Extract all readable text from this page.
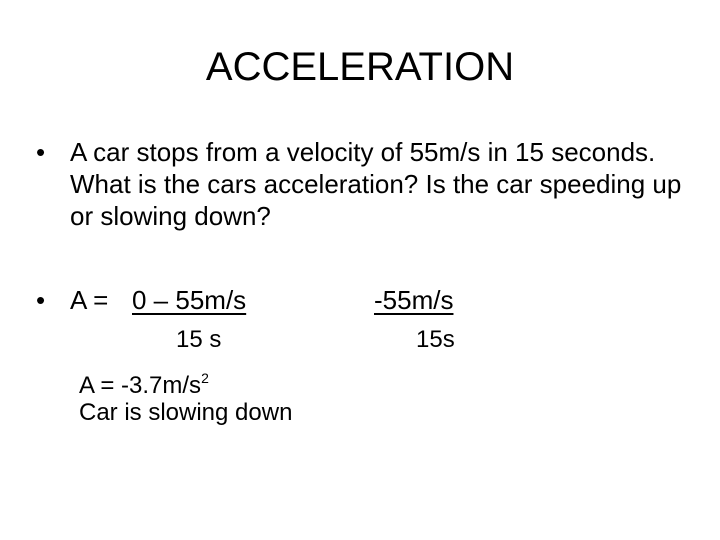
ACCELERATION
• A car stops from a velocity of 55m/s in 15 seconds. What is the cars acceleration? Is the car speeding up or slowing down?
• A = 0 – 55m/s	-55m/s
15 s	15s
$A = -3.7m/s^2$
Car is slowing down
